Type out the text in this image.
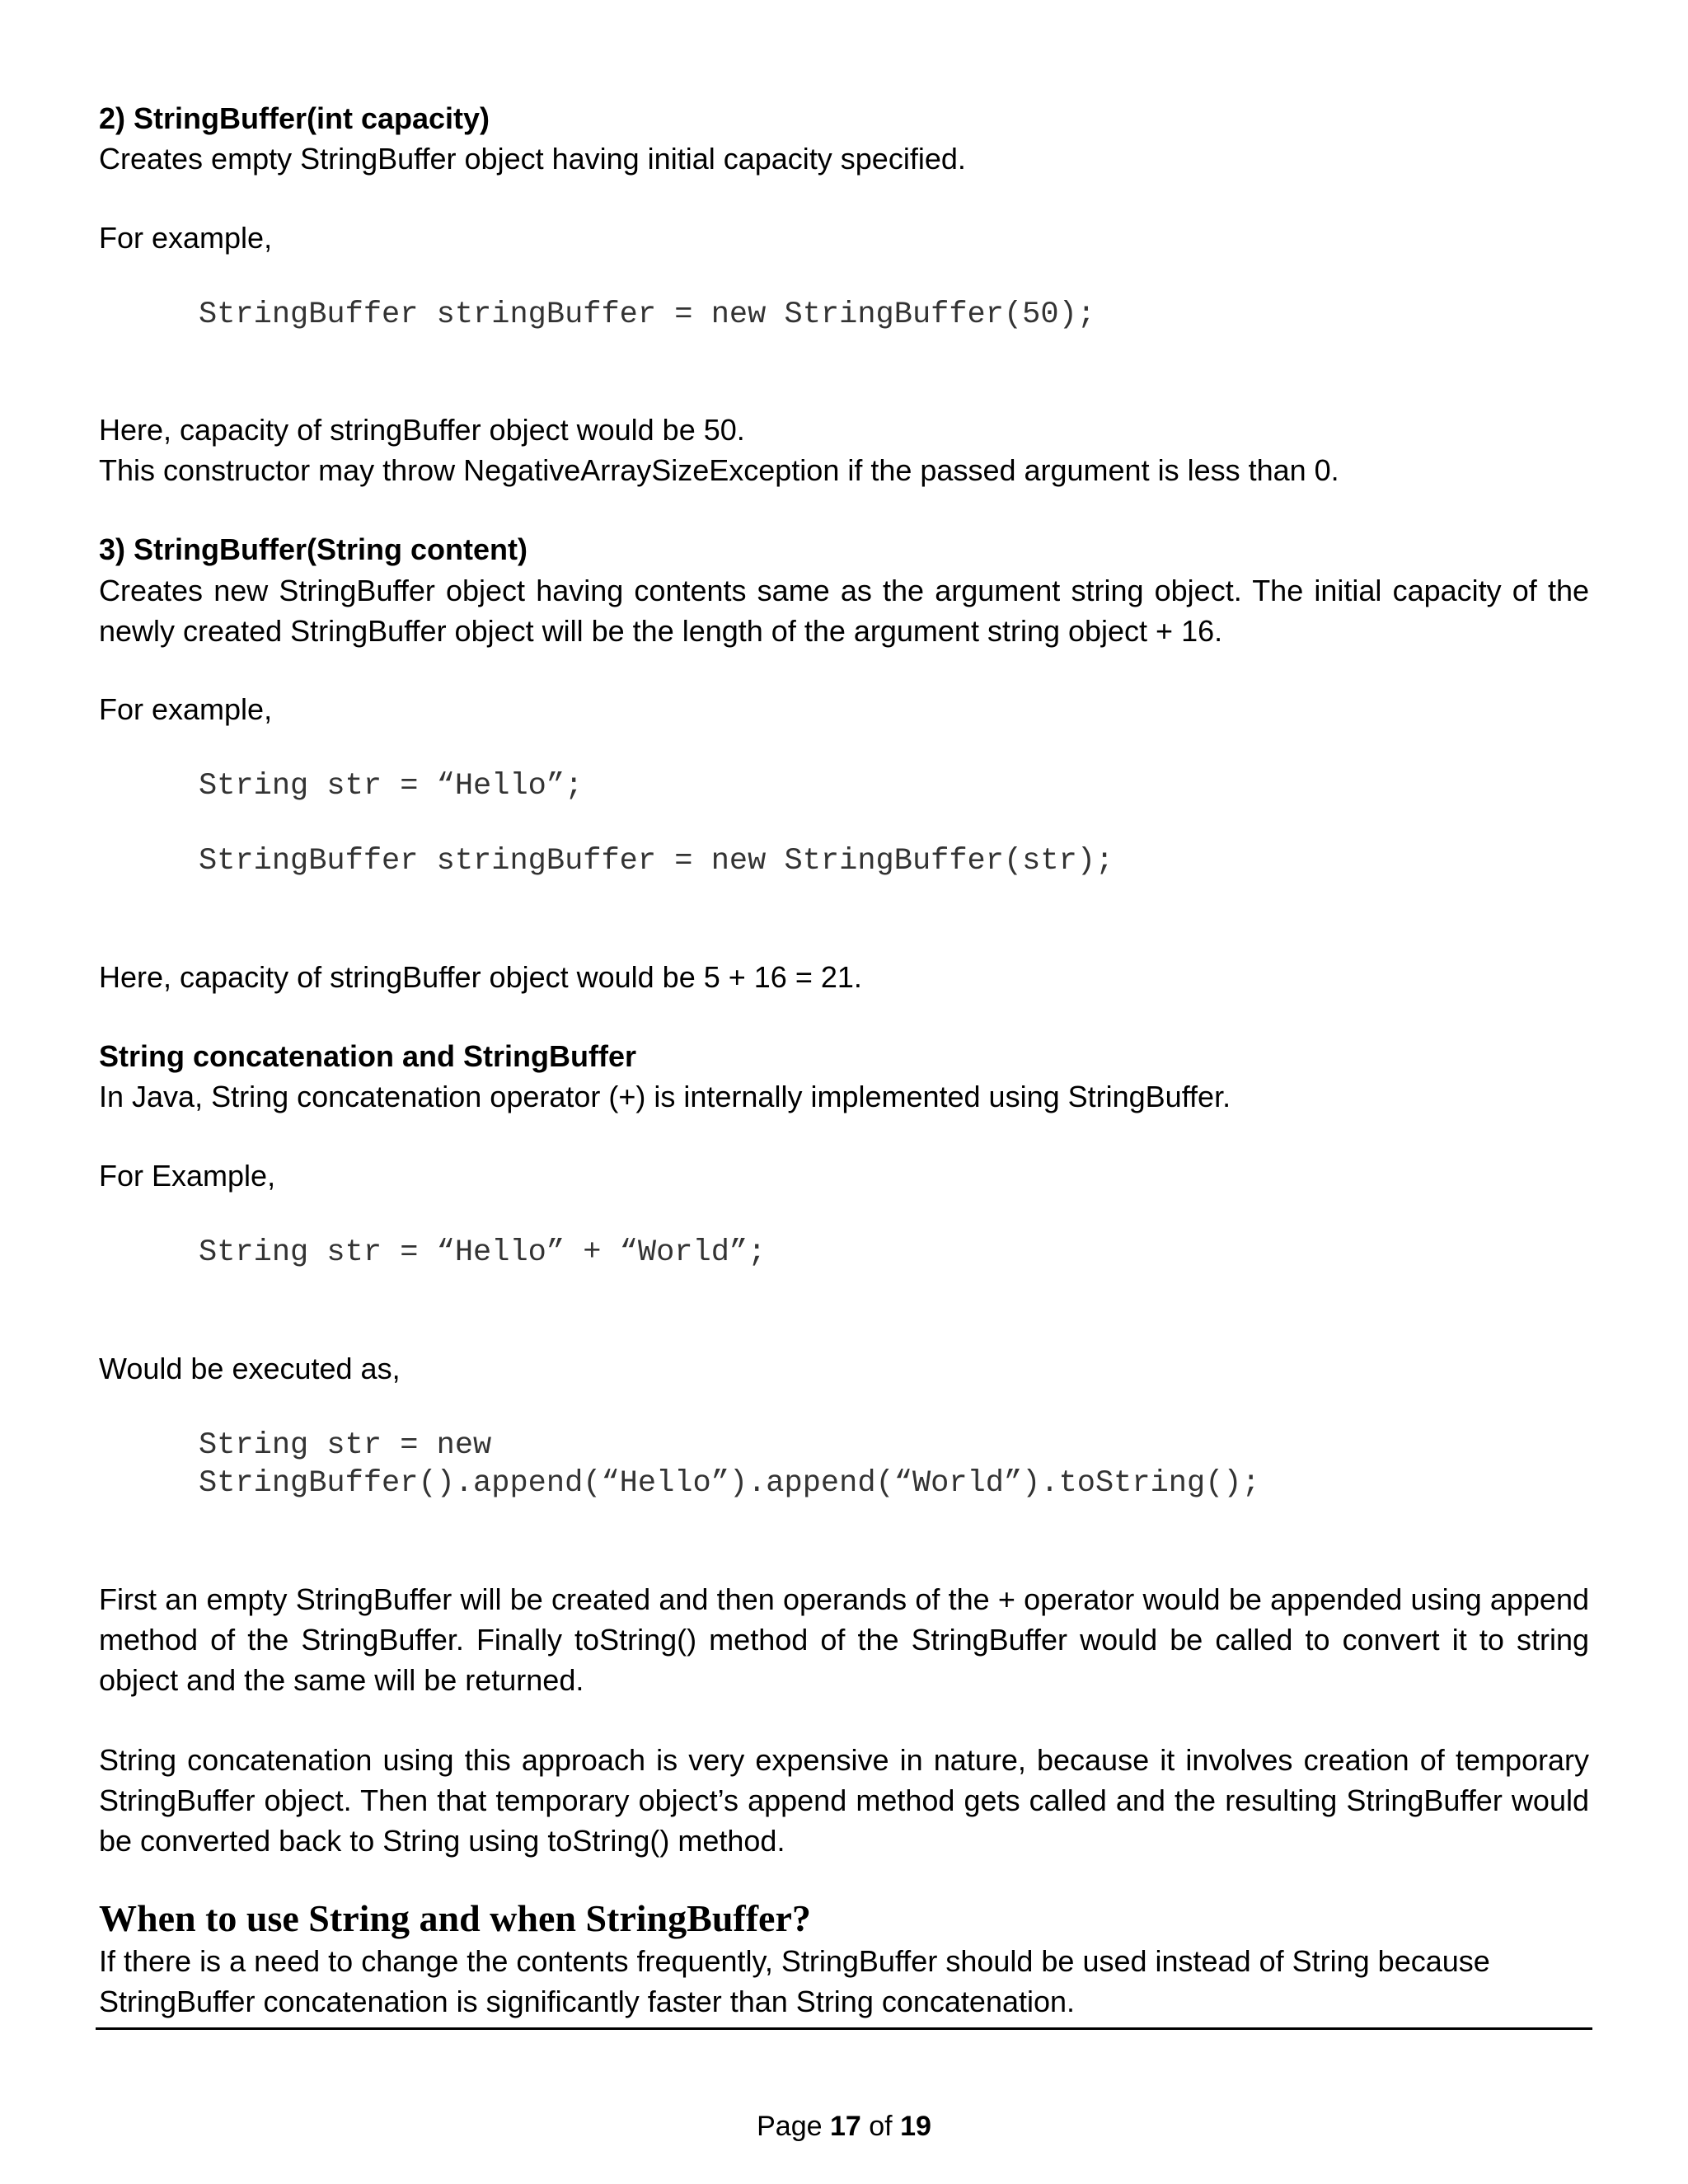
2) StringBuffer(int capacity)
Creates empty StringBuffer object having initial capacity specified.
For example,
StringBuffer stringBuffer = new StringBuffer(50);
Here, capacity of stringBuffer object would be 50.
This constructor may throw NegativeArraySizeException if the passed argument is less than 0.
3) StringBuffer(String content)
Creates new StringBuffer object having contents same as the argument string object. The initial capacity of the newly created StringBuffer object will be the length of the argument string object + 16.
For example,
String str = “Hello”;
StringBuffer stringBuffer = new StringBuffer(str);
Here, capacity of stringBuffer object would be 5 + 16 = 21.
String concatenation and StringBuffer
In Java, String concatenation operator (+) is internally implemented using StringBuffer.
For Example,
String str = “Hello” + “World”;
Would be executed as,
String str = new
StringBuffer().append(“Hello”).append(“World”).toString();
First an empty StringBuffer will be created and then operands of the + operator would be appended using append method of the StringBuffer. Finally toString() method of the StringBuffer would be called to convert it to string object and the same will be returned.
String concatenation using this approach is very expensive in nature, because it involves creation of temporary StringBuffer object. Then that temporary object’s append method gets called and the resulting StringBuffer would be converted back to String using toString() method.
When to use String and when StringBuffer?
If there is a need to change the contents frequently, StringBuffer should be used instead of String because
StringBuffer concatenation is significantly faster than String concatenation.
Page 17 of 19
